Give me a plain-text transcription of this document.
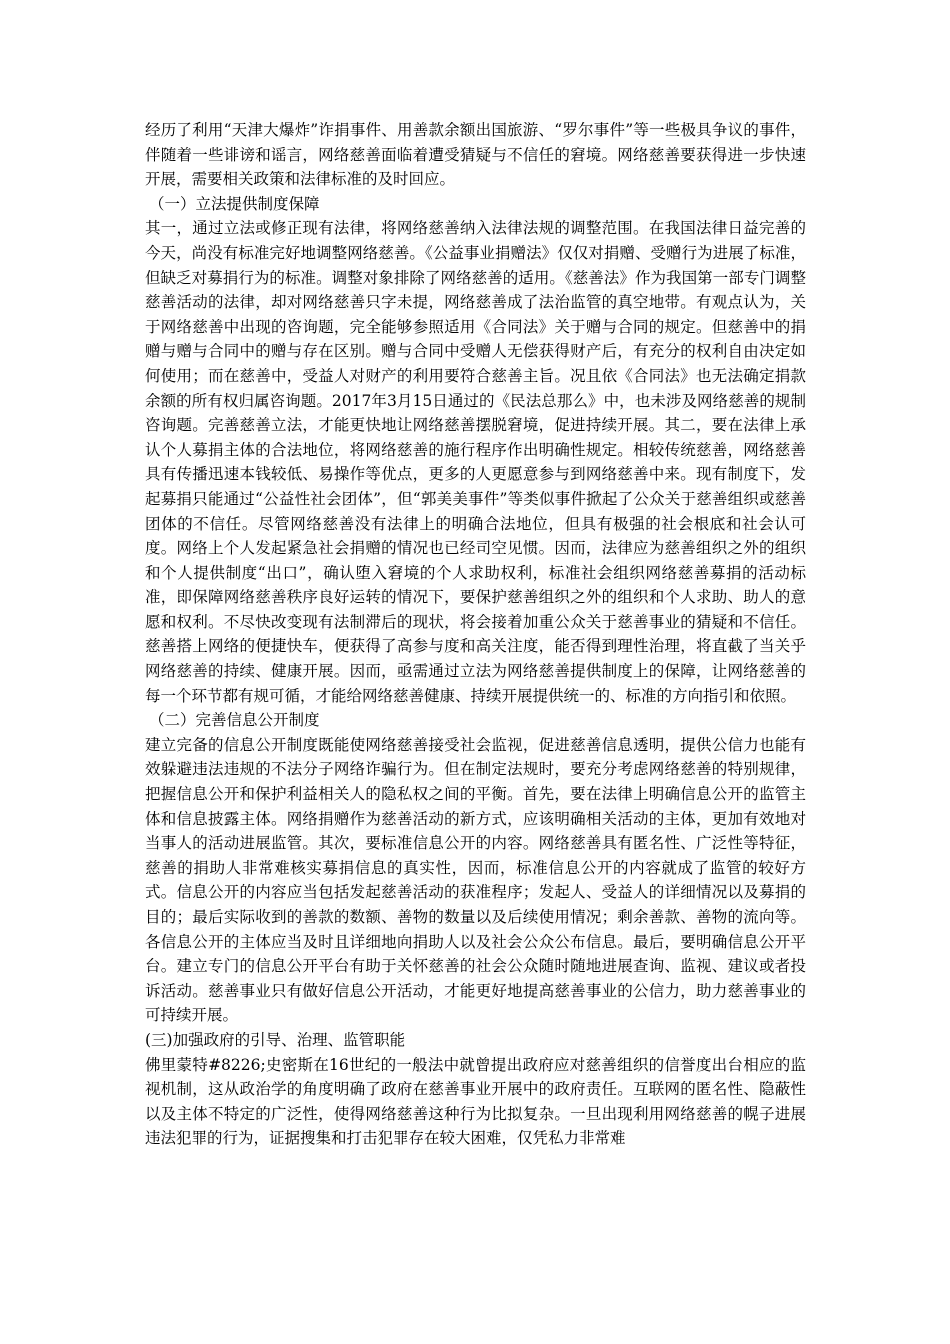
经历了利用“天津大爆炸”诈捐事件、用善款余额出国旅游、“罗尔事件”等一些极具争议的事件，伴随着一些诽谤和谣言，网络慈善面临着遭受猜疑与不信任的窘境。网络慈善要获得进一步快速开展，需要相关政策和法律标准的及时回应。

（一）立法提供制度保障

其一，通过立法或修正现有法律，将网络慈善纳入法律法规的调整范围。在我国法律日益完善的今天，尚没有标准完好地调整网络慈善。《公益事业捐赠法》仅仅对捐赠、受赠行为进展了标准，但缺乏对募捐行为的标准。调整对象排除了网络慈善的适用。《慈善法》作为我国第一部专门调整慈善活动的法律，却对网络慈善只字未提，网络慈善成了法治监管的真空地带。有观点认为，关于网络慈善中出现的咨询题，完全能够参照适用《合同法》关于赠与合同的规定。但慈善中的捐赠与赠与合同中的赠与存在区别。赠与合同中受赠人无偿获得财产后，有充分的权利自由决定如何使用；而在慈善中，受益人对财产的利用要符合慈善主旨。况且依《合同法》也无法确定捐款余额的所有权归属咨询题。2017年3月15日通过的《民法总那么》中，也未涉及网络慈善的规制咨询题。完善慈善立法，才能更快地让网络慈善摆脱窘境，促进持续开展。其二，要在法律上承认个人募捐主体的合法地位，将网络慈善的施行程序作出明确性规定。相较传统慈善，网络慈善具有传播迅速本钱较低、易操作等优点，更多的人更愿意参与到网络慈善中来。现有制度下，发起募捐只能通过“公益性社会团体”，但“郭美美事件”等类似事件掀起了公众关于慈善组织或慈善团体的不信任。尽管网络慈善没有法律上的明确合法地位，但具有极强的社会根底和社会认可度。网络上个人发起紧急社会捐赠的情况也已经司空见惯。因而，法律应为慈善组织之外的组织和个人提供制度“出口”，确认堕入窘境的个人求助权利，标准社会组织网络慈善募捐的活动标准，即保障网络慈善秩序良好运转的情况下，要保护慈善组织之外的组织和个人求助、助人的意愿和权利。不尽快改变现有法制滞后的现状，将会接着加重公众关于慈善事业的猜疑和不信任。慈善搭上网络的便捷快车，便获得了高参与度和高关注度，能否得到理性治理，将直截了当关乎网络慈善的持续、健康开展。因而，亟需通过立法为网络慈善提供制度上的保障，让网络慈善的每一个环节都有规可循，才能给网络慈善健康、持续开展提供统一的、标准的方向指引和依照。

（二）完善信息公开制度

建立完备的信息公开制度既能使网络慈善接受社会监视，促进慈善信息透明，提供公信力也能有效躲避违法违规的不法分子网络诈骗行为。但在制定法规时，要充分考虑网络慈善的特别规律，把握信息公开和保护利益相关人的隐私权之间的平衡。首先，要在法律上明确信息公开的监管主体和信息披露主体。网络捐赠作为慈善活动的新方式，应该明确相关活动的主体，更加有效地对当事人的活动进展监管。其次，要标准信息公开的内容。网络慈善具有匿名性、广泛性等特征，慈善的捐助人非常难核实募捐信息的真实性，因而，标准信息公开的内容就成了监管的较好方式。信息公开的内容应当包括发起慈善活动的获准程序；发起人、受益人的详细情况以及募捐的目的；最后实际收到的善款的数额、善物的数量以及后续使用情况；剩余善款、善物的流向等。各信息公开的主体应当及时且详细地向捐助人以及社会公众公布信息。最后，要明确信息公开平台。建立专门的信息公开平台有助于关怀慈善的社会公众随时随地进展查询、监视、建议或者投诉活动。慈善事业只有做好信息公开活动，才能更好地提高慈善事业的公信力，助力慈善事业的可持续开展。

(三)加强政府的引导、治理、监管职能

佛里蒙特#8226;史密斯在16世纪的一般法中就曾提出政府应对慈善组织的信誉度出台相应的监视机制，这从政治学的角度明确了政府在慈善事业开展中的政府责任。互联网的匿名性、隐蔽性以及主体不特定的广泛性，使得网络慈善这种行为比拟复杂。一旦出现利用网络慈善的幌子进展违法犯罪的行为，证据搜集和打击犯罪存在较大困难，仅凭私力非常难
